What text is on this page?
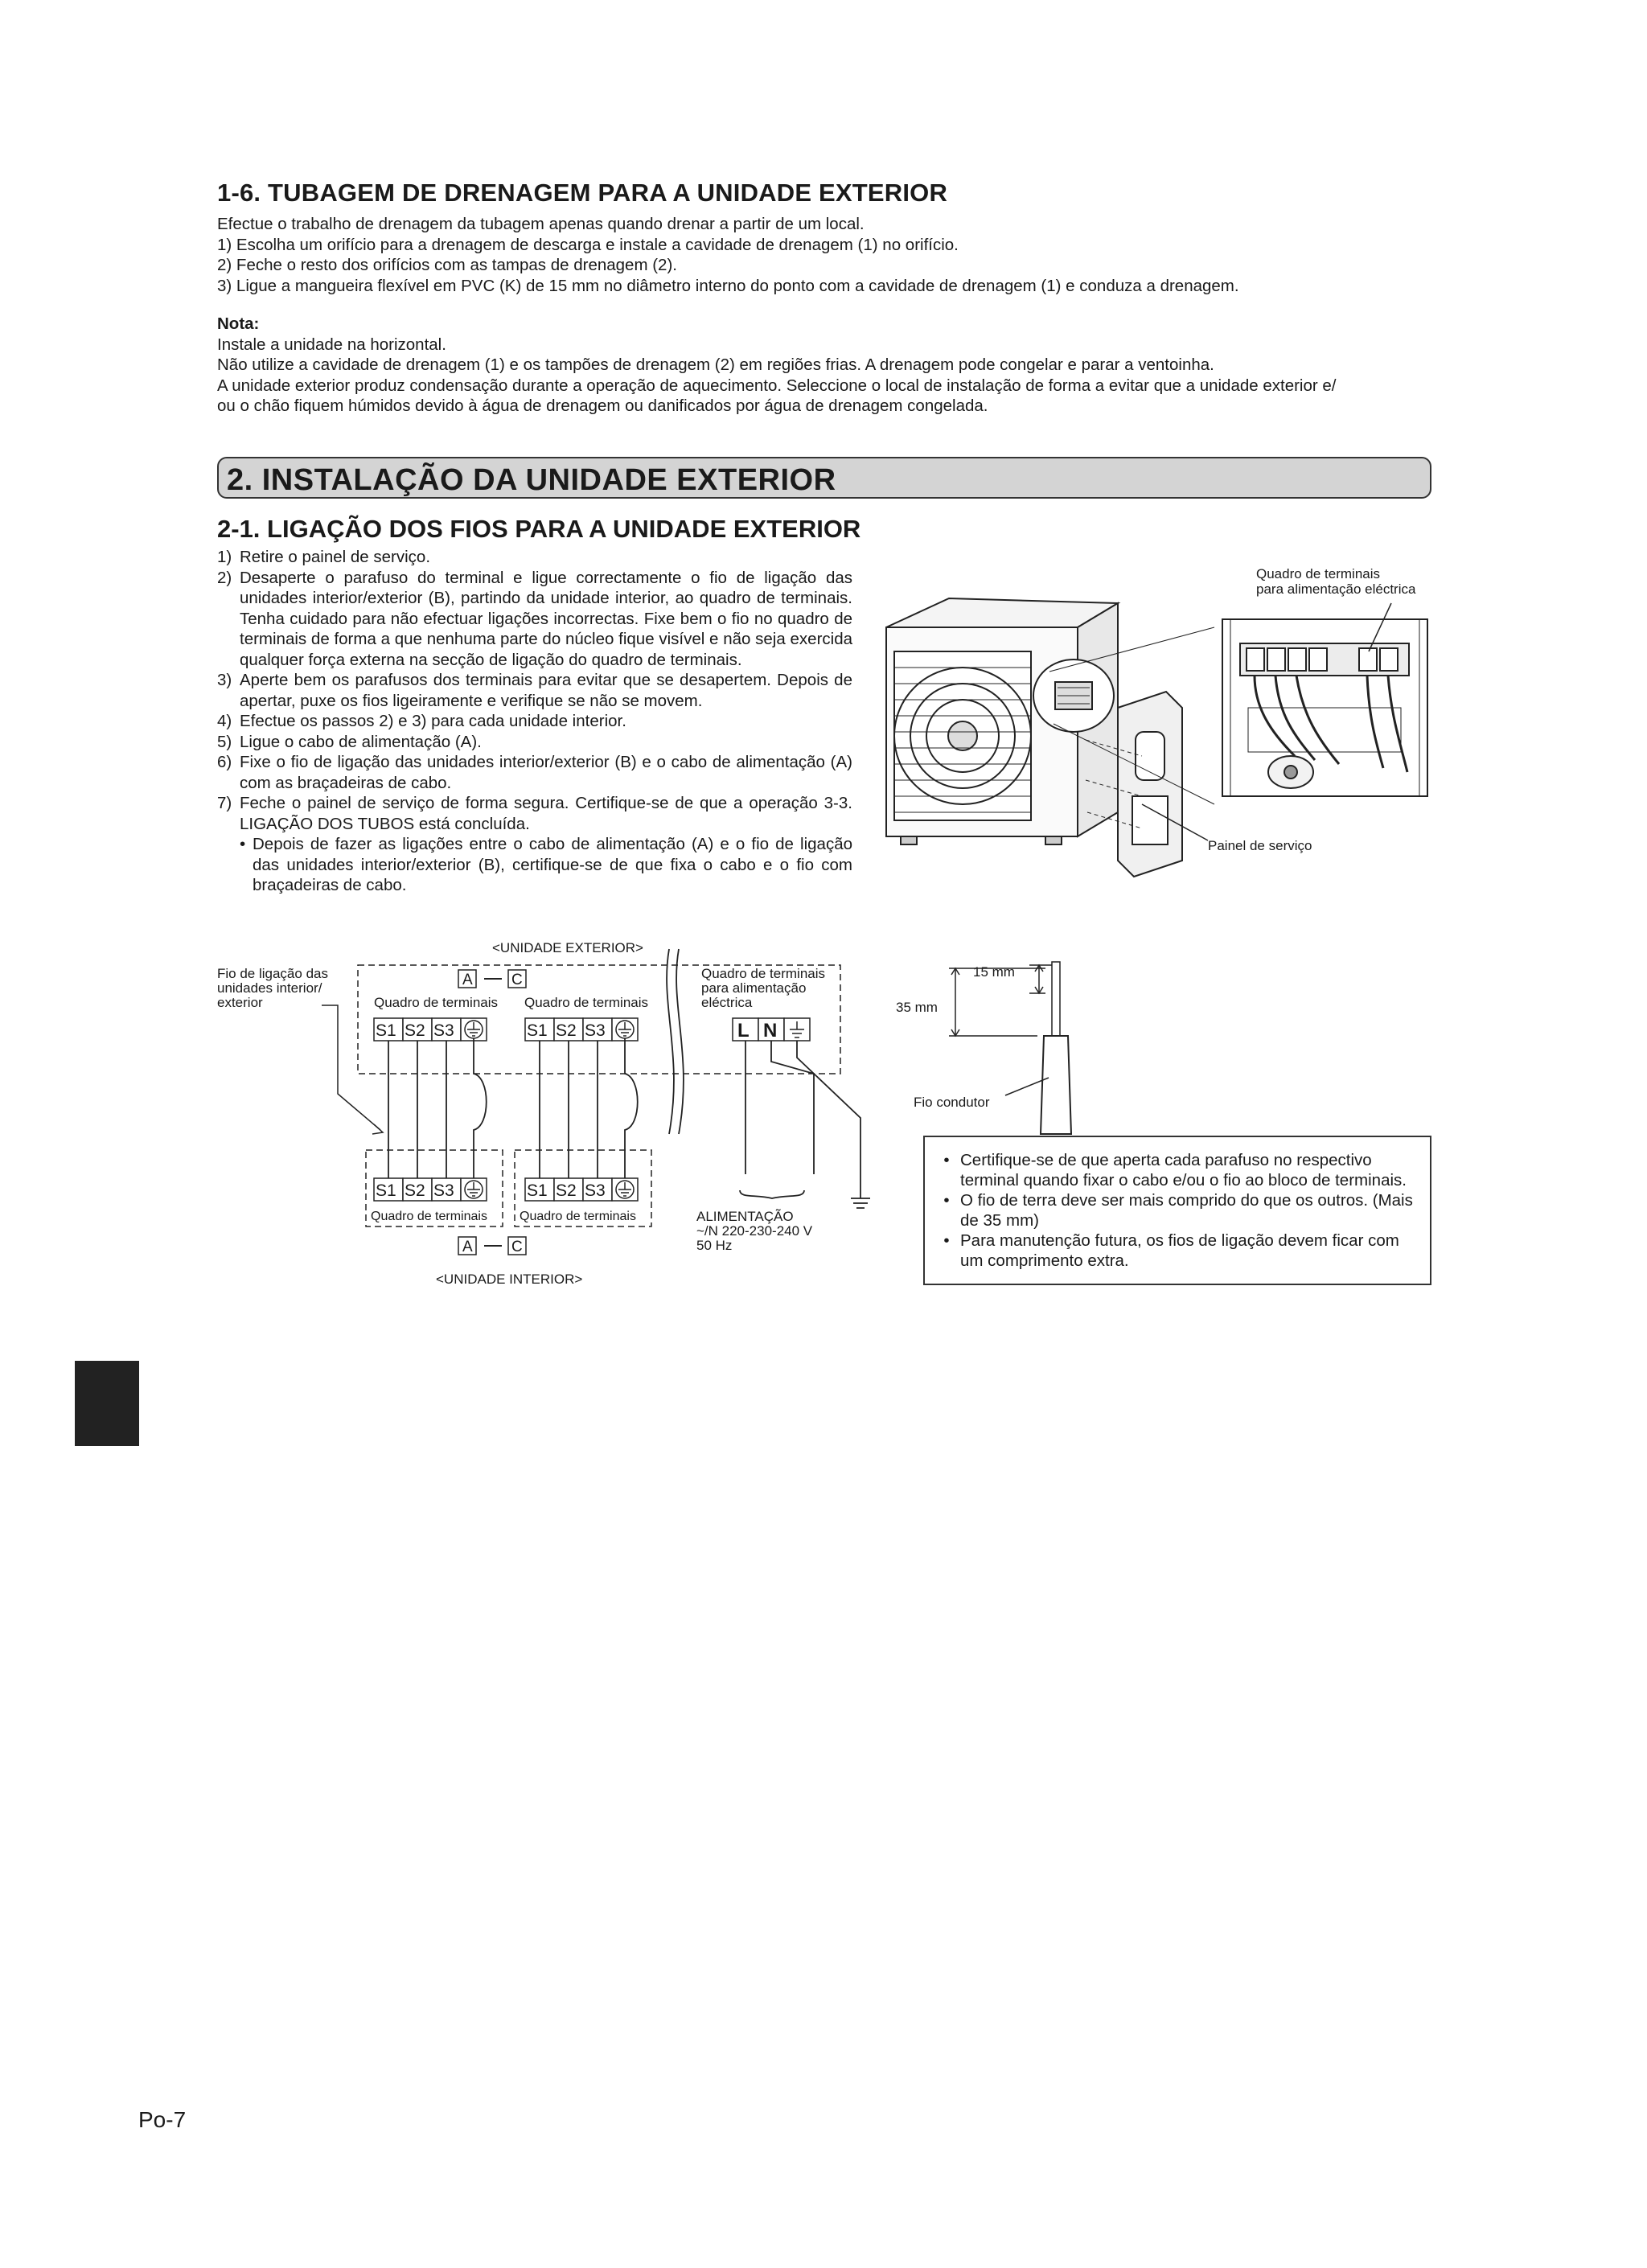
1-6. TUBAGEM DE DRENAGEM PARA A UNIDADE EXTERIOR
Efectue o trabalho de drenagem da tubagem apenas quando drenar a partir de um local.
1) Escolha um orifício para a drenagem de descarga e instale a cavidade de drenagem (1) no orifício.
2) Feche o resto dos orifícios com as tampas de drenagem (2).
3) Ligue a mangueira flexível em PVC (K) de 15 mm no diâmetro interno do ponto com a cavidade de drenagem (1) e conduza a drenagem.
Nota:
Instale a unidade na horizontal.
Não utilize a cavidade de drenagem (1) e os tampões de drenagem (2) em regiões frias. A drenagem pode congelar e parar a ventoinha.
A unidade exterior produz condensação durante a operação de aquecimento. Seleccione o local de instalação de forma a evitar que a unidade exterior e/
ou o chão fiquem húmidos devido à água de drenagem ou danificados por água de drenagem congelada.
2. INSTALAÇÃO DA UNIDADE EXTERIOR
2-1. LIGAÇÃO DOS FIOS PARA A UNIDADE EXTERIOR
1) Retire o painel de serviço.
2) Desaperte o parafuso do terminal e ligue correctamente o fio de ligação das unidades interior/exterior (B), partindo da unidade interior, ao quadro de terminais. Tenha cuidado para não efectuar ligações incorrectas. Fixe bem o fio no quadro de terminais de forma a que nenhuma parte do núcleo fique visível e não seja exercida qualquer força externa na secção de ligação do quadro de terminais.
3) Aperte bem os parafusos dos terminais para evitar que se desapertem. Depois de apertar, puxe os fios ligeiramente e verifique se não se movem.
4) Efectue os passos 2) e 3) para cada unidade interior.
5) Ligue o cabo de alimentação (A).
6) Fixe o fio de ligação das unidades interior/exterior (B) e o cabo de alimentação (A) com as braçadeiras de cabo.
7) Feche o painel de serviço de forma segura. Certifique-se de que a operação 3-3. LIGAÇÃO DOS TUBOS está concluída.
• Depois de fazer as ligações entre o cabo de alimentação (A) e o fio de ligação das unidades interior/exterior (B), certifique-se de que fixa o cabo e o fio com braçadeiras de cabo.
Quadro de terminais
para alimentação eléctrica
Painel de serviço
<UNIDADE EXTERIOR>
A	C
Quadro de terminais Quadro de terminais
S1 S2 S3	S1 S2 S3
Quadro de terminais
para alimentação
eléctrica
L N
Fio de ligação das
unidades interior/
exterior
S1 S2 S3	S1 S2 S3
Quadro de terminais	Quadro de terminais
A	C
<UNIDADE INTERIOR>
ALIMENTAÇÃO
~/N 220-230-240 V
50 Hz
15 mm
35 mm
Fio condutor
• Certifique-se de que aperta cada parafuso no respectivo terminal quando fixar o cabo e/ou o fio ao bloco de terminais.
• O fio de terra deve ser mais comprido do que os outros. (Mais de 35 mm)
• Para manutenção futura, os fios de ligação devem ficar com um comprimento extra.
Po-7
